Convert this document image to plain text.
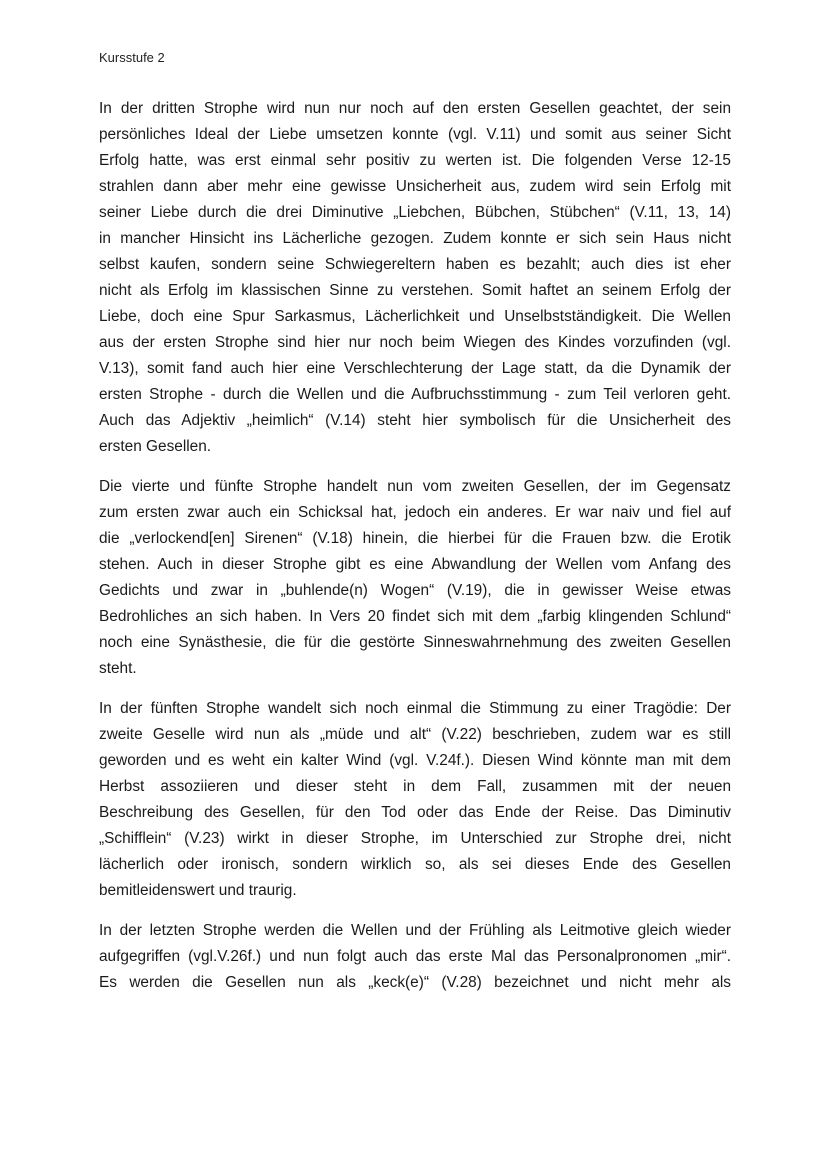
Kursstufe 2

In der dritten Strophe wird nun nur noch auf den ersten Gesellen geachtet, der sein
persönliches Ideal der Liebe umsetzen konnte (vgl. V.11) und somit aus seiner Sicht
Erfolg hatte, was erst einmal sehr positiv zu werten ist. Die folgenden Verse 12-15
strahlen dann aber mehr eine gewisse Unsicherheit aus, zudem wird sein Erfolg mit
seiner Liebe durch die drei Diminutive „Liebchen, Bübchen, Stübchen“ (V.11, 13, 14)
in mancher Hinsicht ins Lächerliche gezogen. Zudem konnte er sich sein Haus nicht
selbst kaufen, sondern seine Schwiegereltern haben es bezahlt; auch dies ist eher
nicht als Erfolg im klassischen Sinne zu verstehen. Somit haftet an seinem Erfolg der
Liebe, doch eine Spur Sarkasmus, Lächerlichkeit und Unselbstständigkeit. Die Wellen
aus der ersten Strophe sind hier nur noch beim Wiegen des Kindes vorzufinden (vgl.
V.13), somit fand auch hier eine Verschlechterung der Lage statt, da die Dynamik der
ersten Strophe - durch die Wellen und die Aufbruchsstimmung - zum Teil verloren geht.
Auch das Adjektiv „heimlich“ (V.14) steht hier symbolisch für die Unsicherheit des
ersten Gesellen.

Die vierte und fünfte Strophe handelt nun vom zweiten Gesellen, der im Gegensatz
zum ersten zwar auch ein Schicksal hat, jedoch ein anderes. Er war naiv und fiel auf
die „verlockend[en] Sirenen“ (V.18) hinein, die hierbei für die Frauen bzw. die Erotik
stehen. Auch in dieser Strophe gibt es eine Abwandlung der Wellen vom Anfang des
Gedichts und zwar in „buhlende(n) Wogen“ (V.19), die in gewisser Weise etwas
Bedrohliches an sich haben. In Vers 20 findet sich mit dem „farbig klingenden Schlund“
noch eine Synästhesie, die für die gestörte Sinneswahrnehmung des zweiten Gesellen
steht.

In der fünften Strophe wandelt sich noch einmal die Stimmung zu einer Tragödie: Der
zweite Geselle wird nun als „müde und alt“ (V.22) beschrieben, zudem war es still
geworden und es weht ein kalter Wind (vgl. V.24f.). Diesen Wind könnte man mit dem
Herbst assoziieren und dieser steht in dem Fall, zusammen mit der neuen
Beschreibung des Gesellen, für den Tod oder das Ende der Reise. Das Diminutiv
„Schifflein“ (V.23) wirkt in dieser Strophe, im Unterschied zur Strophe drei, nicht
lächerlich oder ironisch, sondern wirklich so, als sei dieses Ende des Gesellen
bemitleidenswert und traurig.

In der letzten Strophe werden die Wellen und der Frühling als Leitmotive gleich wieder
aufgegriffen (vgl.V.26f.) und nun folgt auch das erste Mal das Personalpronomen „mir“.
Es werden die Gesellen nun als „keck(e)“ (V.28) bezeichnet und nicht mehr als
